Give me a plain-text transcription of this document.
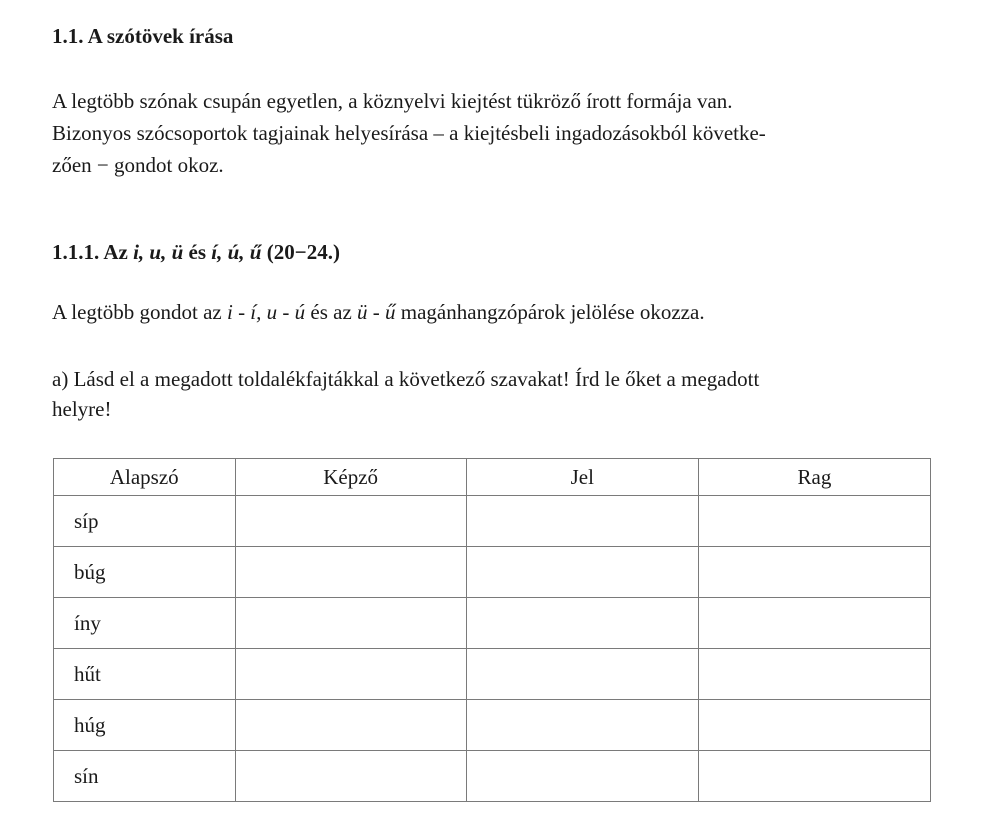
1.1. A szótövek írása

A legtöbb szónak csupán egyetlen, a köznyelvi kiejtést tükröző írott formája van.
Bizonyos szócsoportok tagjainak helyesírása – a kiejtésbeli ingadozásokból követke-
zően − gondot okoz.

1.1.1. Az i, u, ü és í, ú, ű (20−24.)

A legtöbb gondot az i - í, u - ú és az ü - ű magánhangzópárok jelölése okozza.

a) Lásd el a megadott toldalékfajtákkal a következő szavakat! Írd le őket a megadott
helyre!

Alapszó	Képző	Jel	Rag
síp			
búg			
íny			
hűt			
húg			
sín			
